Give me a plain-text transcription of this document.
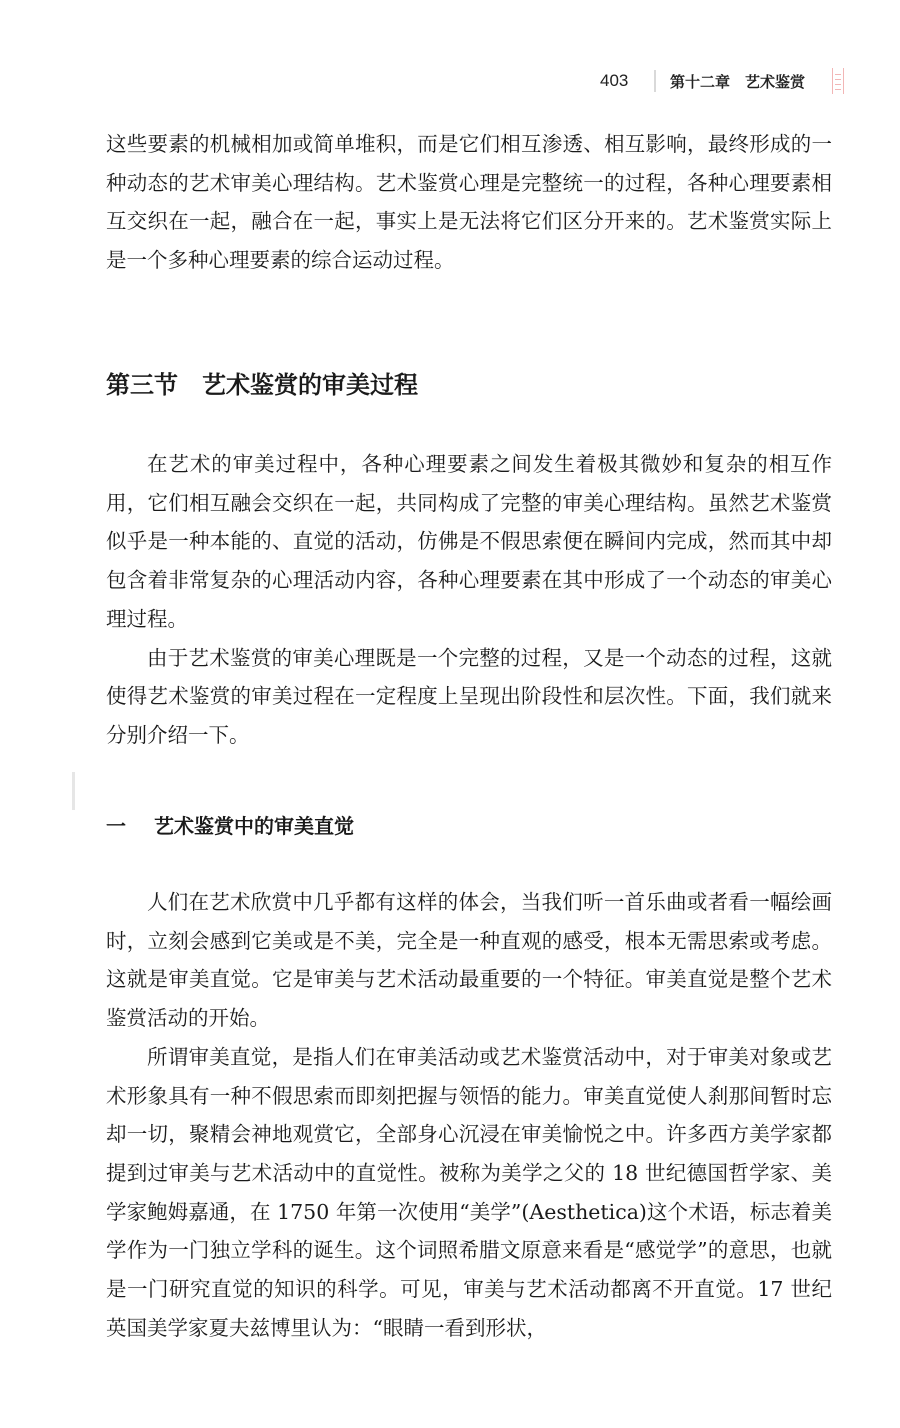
403	第十二章　艺术鉴赏

这些要素的机械相加或简单堆积，而是它们相互渗透、相互影响，最终形成的一种动态的艺术审美心理结构。艺术鉴赏心理是完整统一的过程，各种心理要素相互交织在一起，融合在一起，事实上是无法将它们区分开来的。艺术鉴赏实际上是一个多种心理要素的综合运动过程。

第三节 艺术鉴赏的审美过程

在艺术的审美过程中，各种心理要素之间发生着极其微妙和复杂的相互作用，它们相互融会交织在一起，共同构成了完整的审美心理结构。虽然艺术鉴赏似乎是一种本能的、直觉的活动，仿佛是不假思索便在瞬间内完成，然而其中却包含着非常复杂的心理活动内容，各种心理要素在其中形成了一个动态的审美心理过程。

由于艺术鉴赏的审美心理既是一个完整的过程，又是一个动态的过程，这就使得艺术鉴赏的审美过程在一定程度上呈现出阶段性和层次性。下面，我们就来分别介绍一下。

一 艺术鉴赏中的审美直觉

人们在艺术欣赏中几乎都有这样的体会，当我们听一首乐曲或者看一幅绘画时，立刻会感到它美或是不美，完全是一种直观的感受，根本无需思索或考虑。这就是审美直觉。它是审美与艺术活动最重要的一个特征。审美直觉是整个艺术鉴赏活动的开始。

所谓审美直觉，是指人们在审美活动或艺术鉴赏活动中，对于审美对象或艺术形象具有一种不假思索而即刻把握与领悟的能力。审美直觉使人刹那间暂时忘却一切，聚精会神地观赏它，全部身心沉浸在审美愉悦之中。许多西方美学家都提到过审美与艺术活动中的直觉性。被称为美学之父的 18 世纪德国哲学家、美学家鲍姆嘉通，在 1750 年第一次使用“美学”(Aesthetica)这个术语，标志着美学作为一门独立学科的诞生。这个词照希腊文原意来看是“感觉学”的意思，也就是一门研究直觉的知识的科学。可见，审美与艺术活动都离不开直觉。17 世纪英国美学家夏夫兹博里认为：“眼睛一看到形状，
